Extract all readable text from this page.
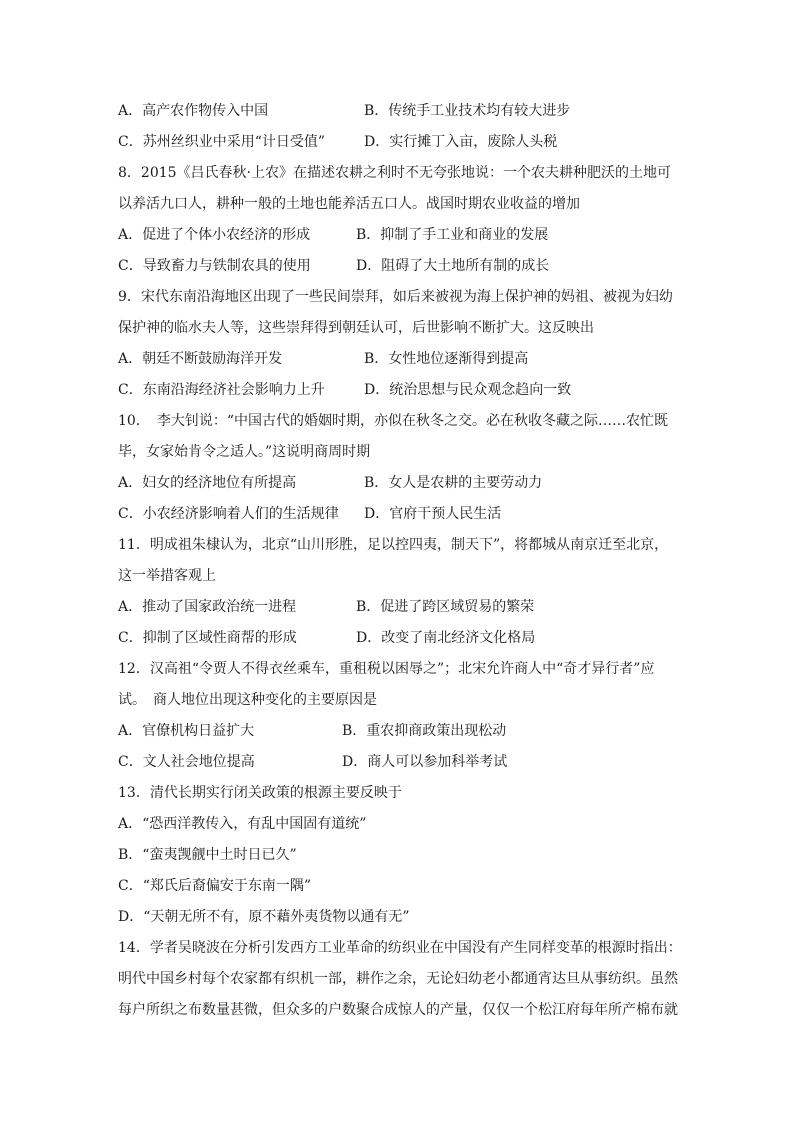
A．高产农作物传入中国	B．传统手工业技术均有较大进步
C．苏州丝织业中采用“计日受值”	D．实行摊丁入亩，废除人头税
8．2015《吕氏春秋·上农》在描述农耕之利时不无夸张地说：一个农夫耕种肥沃的土地可
以养活九口人，耕种一般的土地也能养活五口人。战国时期农业收益的增加
A．促进了个体小农经济的形成	B．抑制了手工业和商业的发展
C．导致畜力与铁制农具的使用	D．阻碍了大土地所有制的成长
9．宋代东南沿海地区出现了一些民间崇拜，如后来被视为海上保护神的妈祖、被视为妇幼
保护神的临水夫人等，这些崇拜得到朝廷认可，后世影响不断扩大。这反映出
A．朝廷不断鼓励海洋开发	B．女性地位逐渐得到提高
C．东南沿海经济社会影响力上升	D．统治思想与民众观念趋向一致
10．　李大钊说：“中国古代的婚姻时期，亦似在秋冬之交。必在秋收冬藏之际……农忙既
毕，女家始肯令之适人。”这说明商周时期
A．妇女的经济地位有所提高	B．女人是农耕的主要劳动力
C．小农经济影响着人们的生活规律 D．官府干预人民生活
11．明成祖朱棣认为，北京“山川形胜，足以控四夷，制天下”，将都城从南京迁至北京，
这一举措客观上
A．推动了国家政治统一进程	B．促进了跨区域贸易的繁荣
C．抑制了区域性商帮的形成	D．改变了南北经济文化格局
12．汉高祖“令贾人不得衣丝乘车，重租税以困辱之”；北宋允许商人中“奇才异行者”应
试。　商人地位出现这种变化的主要原因是
A．官僚机构日益扩大	B．重农抑商政策出现松动
C．文人社会地位提高	D．商人可以参加科举考试
13．清代长期实行闭关政策的根源主要反映于
A．“恐西洋教传入，有乱中国固有道统”
B．“蛮夷觊觎中土时日已久”
C．“郑氏后裔偏安于东南一隅”
D．“天朝无所不有，原不藉外夷货物以通有无”
14．学者吴晓波在分析引发西方工业革命的纺织业在中国没有产生同样变革的根源时指出：
明代中国乡村每个农家都有织机一部，耕作之余，无论妇幼老小都通宵达旦从事纺织。虽然
每户所织之布数量甚微，但众多的户数聚合成惊人的产量，仅仅一个松江府每年所产棉布就
